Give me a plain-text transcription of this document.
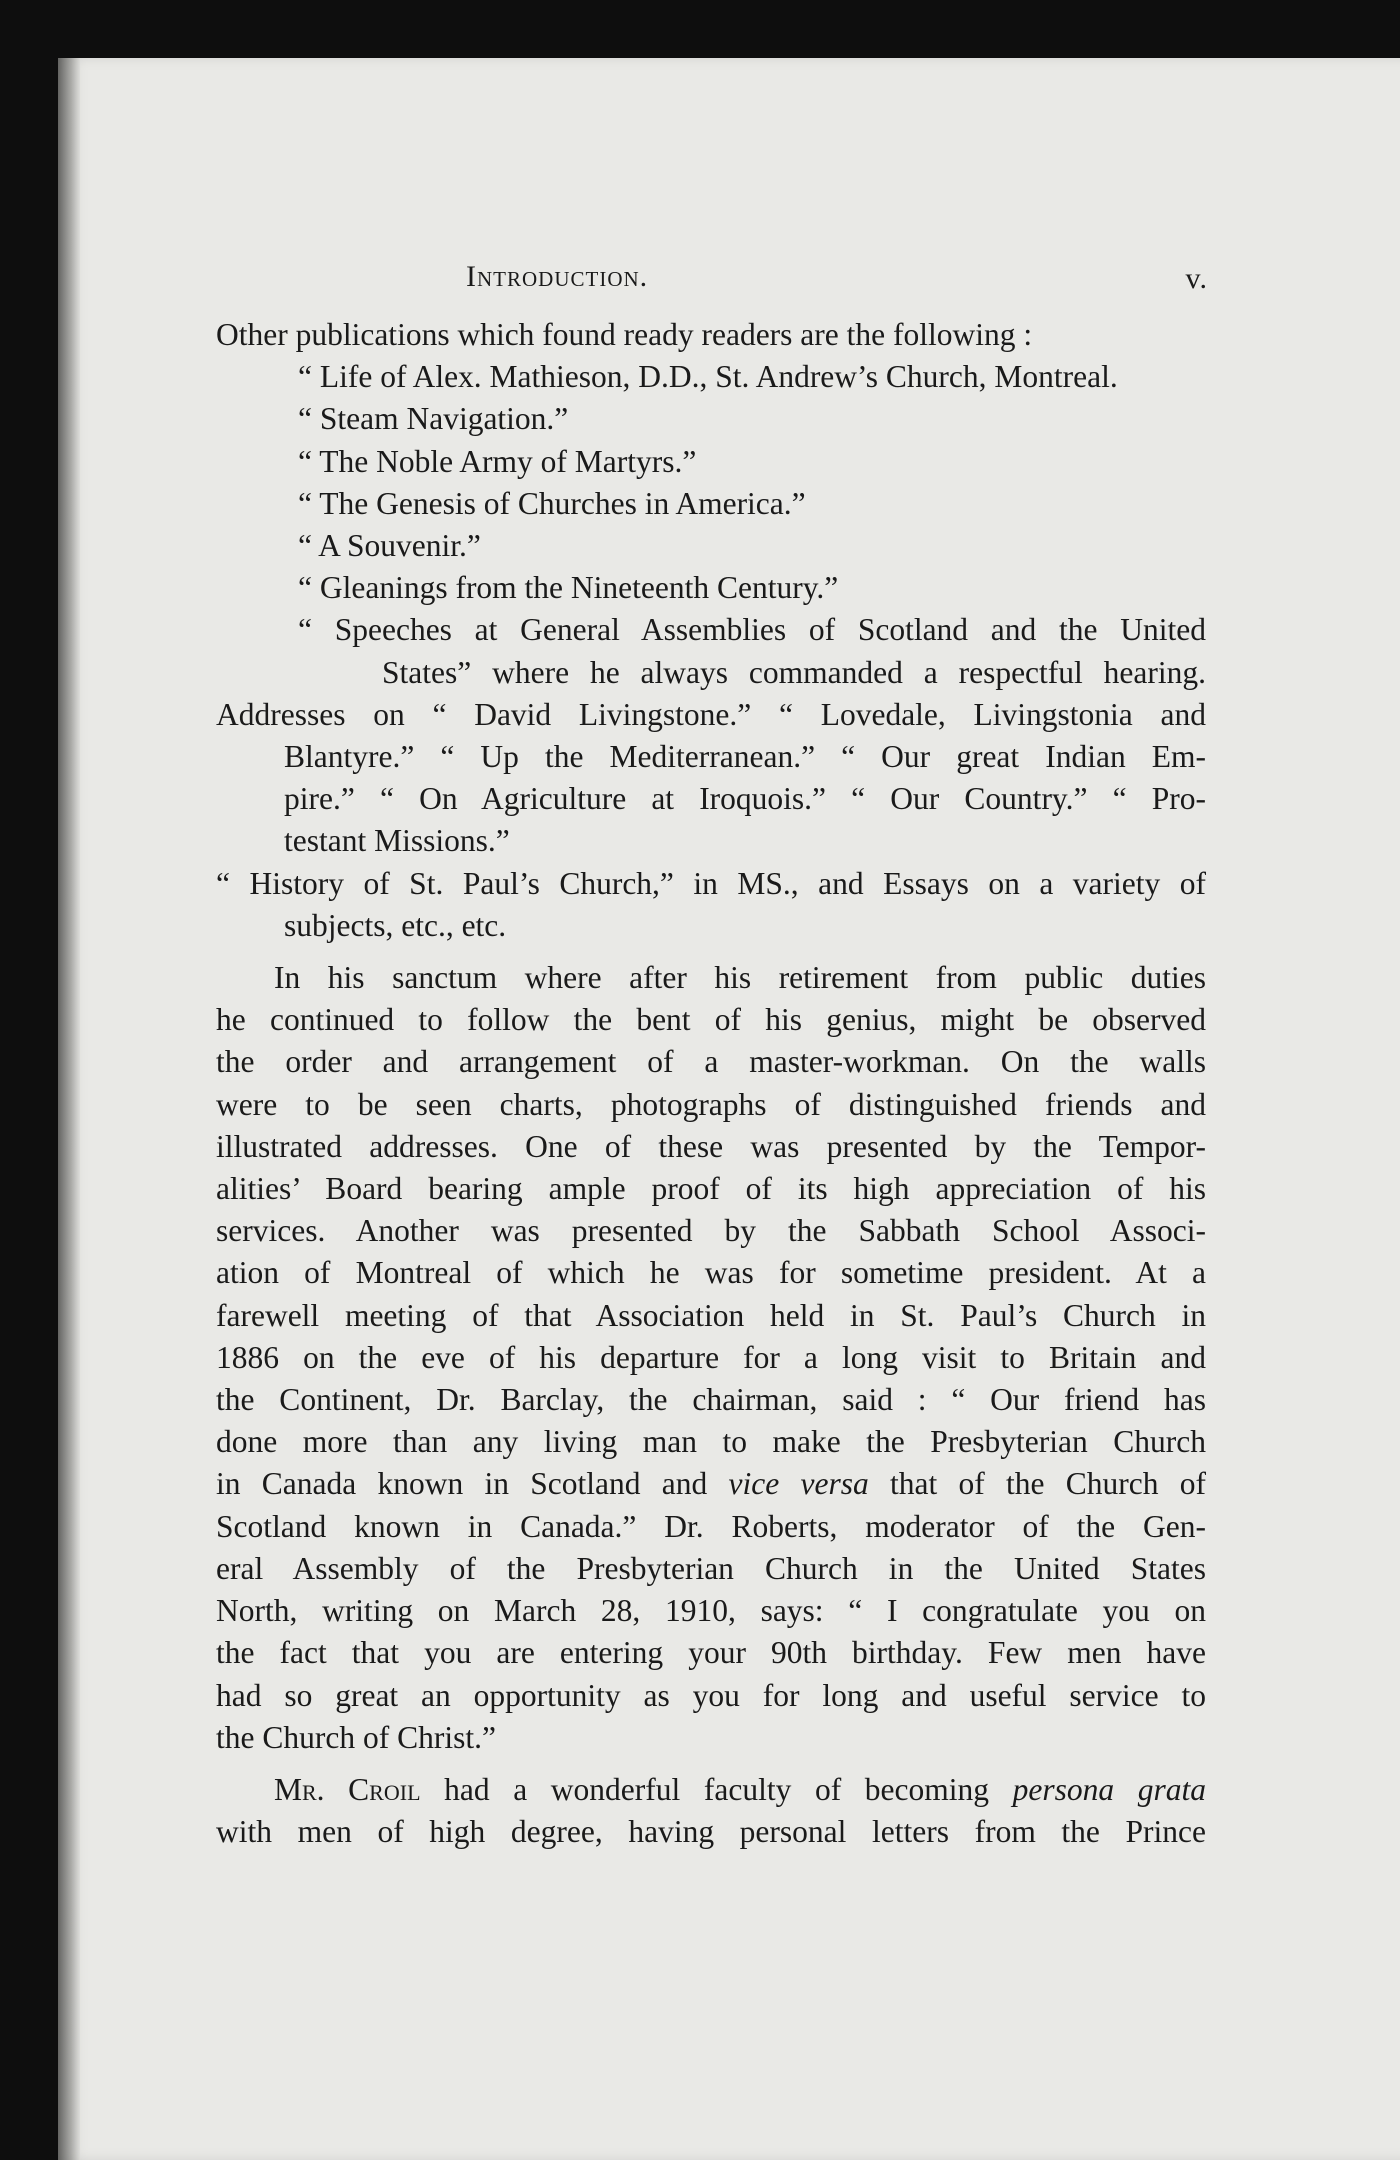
Introduction.	v.
Other publications which found ready readers are the following :
“ Life of Alex. Mathieson, D.D., St. Andrew’s Church, Montreal.
“ Steam Navigation.”
“ The Noble Army of Martyrs.”
“ The Genesis of Churches in America.”
“ A Souvenir.”
“ Gleanings from the Nineteenth Century.”
“ Speeches at General Assemblies of Scotland and the United
States” where he always commanded a respectful hearing.
Addresses on “ David Livingstone.” “ Lovedale, Livingstonia and
Blantyre.” “ Up the Mediterranean.” “ Our great Indian Em-
pire.” “ On Agriculture at Iroquois.” “ Our Country.” “ Pro-
testant Missions.”
“ History of St. Paul’s Church,” in MS., and Essays on a variety of
subjects, etc., etc.
In his sanctum where after his retirement from public duties
he continued to follow the bent of his genius, might be observed
the order and arrangement of a master-workman. On the walls
were to be seen charts, photographs of distinguished friends and
illustrated addresses. One of these was presented by the Tempor-
alities’ Board bearing ample proof of its high appreciation of his
services. Another was presented by the Sabbath School Associ-
ation of Montreal of which he was for sometime president. At a
farewell meeting of that Association held in St. Paul’s Church in
1886 on the eve of his departure for a long visit to Britain and
the Continent, Dr. Barclay, the chairman, said : “ Our friend has
done more than any living man to make the Presbyterian Church
in Canada known in Scotland and vice versa that of the Church of
Scotland known in Canada.” Dr. Roberts, moderator of the Gen-
eral Assembly of the Presbyterian Church in the United States
North, writing on March 28, 1910, says: “ I congratulate you on
the fact that you are entering your 90th birthday. Few men have
had so great an opportunity as you for long and useful service to
the Church of Christ.”
Mr. Croil had a wonderful faculty of becoming persona grata
with men of high degree, having personal letters from the Prince
